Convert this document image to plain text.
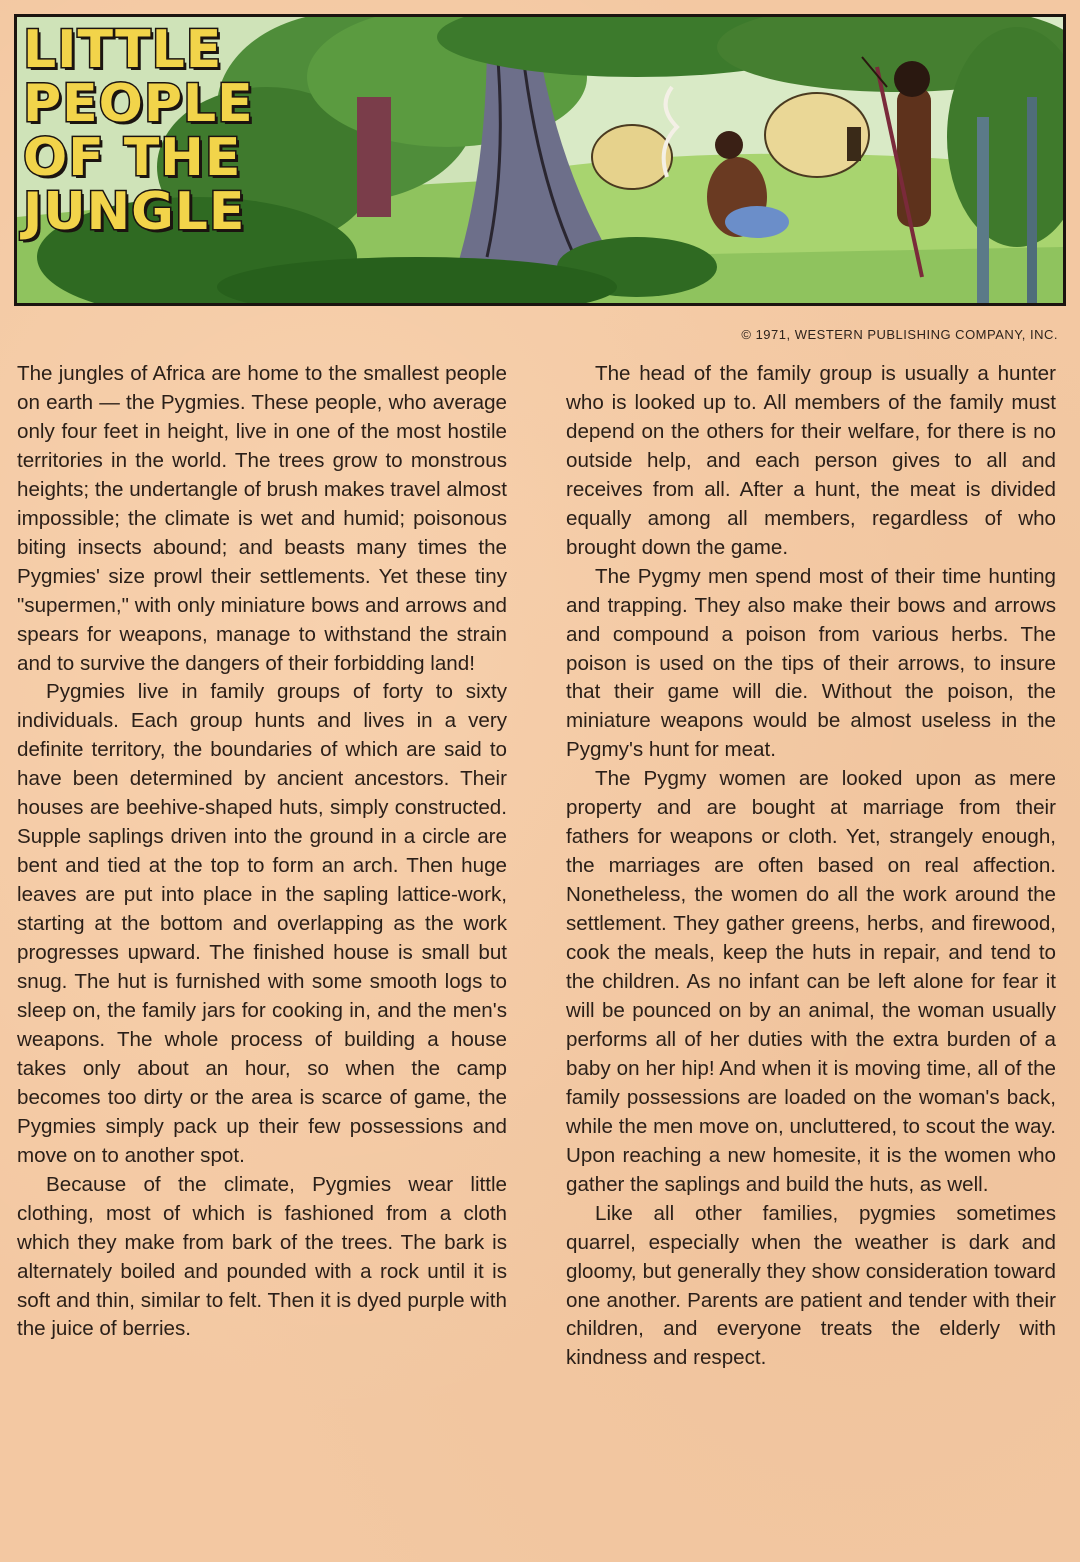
LITTLE
PEOPLE
OF THE
JUNGLE
© 1971, WESTERN PUBLISHING COMPANY, INC.

The jungles of Africa are home to the smallest people on earth — the Pygmies. These people, who average only four feet in height, live in one of the most hostile territories in the world. The trees grow to monstrous heights; the undertangle of brush makes travel almost impossible; the climate is wet and humid; poisonous biting insects abound; and beasts many times the Pygmies' size prowl their settlements. Yet these tiny "supermen," with only miniature bows and arrows and spears for weapons, manage to withstand the strain and to survive the dangers of their forbidding land!

Pygmies live in family groups of forty to sixty individuals. Each group hunts and lives in a very definite territory, the boundaries of which are said to have been determined by ancient ancestors. Their houses are beehive-shaped huts, simply constructed. Supple saplings driven into the ground in a circle are bent and tied at the top to form an arch. Then huge leaves are put into place in the sapling lattice-work, starting at the bottom and overlapping as the work progresses upward. The finished house is small but snug. The hut is furnished with some smooth logs to sleep on, the family jars for cooking in, and the men's weapons. The whole process of building a house takes only about an hour, so when the camp becomes too dirty or the area is scarce of game, the Pygmies simply pack up their few possessions and move on to another spot.

Because of the climate, Pygmies wear little clothing, most of which is fashioned from a cloth which they make from bark of the trees. The bark is alternately boiled and pounded with a rock until it is soft and thin, similar to felt. Then it is dyed purple with the juice of berries.

The head of the family group is usually a hunter who is looked up to. All members of the family must depend on the others for their welfare, for there is no outside help, and each person gives to all and receives from all. After a hunt, the meat is divided equally among all members, regardless of who brought down the game.

The Pygmy men spend most of their time hunting and trapping. They also make their bows and arrows and compound a poison from various herbs. The poison is used on the tips of their arrows, to insure that their game will die. Without the poison, the miniature weapons would be almost useless in the Pygmy's hunt for meat.

The Pygmy women are looked upon as mere property and are bought at marriage from their fathers for weapons or cloth. Yet, strangely enough, the marriages are often based on real affection. Nonetheless, the women do all the work around the settlement. They gather greens, herbs, and firewood, cook the meals, keep the huts in repair, and tend to the children. As no infant can be left alone for fear it will be pounced on by an animal, the woman usually performs all of her duties with the extra burden of a baby on her hip! And when it is moving time, all of the family possessions are loaded on the woman's back, while the men move on, uncluttered, to scout the way. Upon reaching a new homesite, it is the women who gather the saplings and build the huts, as well.

Like all other families, pygmies sometimes quarrel, especially when the weather is dark and gloomy, but generally they show consideration toward one another. Parents are patient and tender with their children, and everyone treats the elderly with kindness and respect.
